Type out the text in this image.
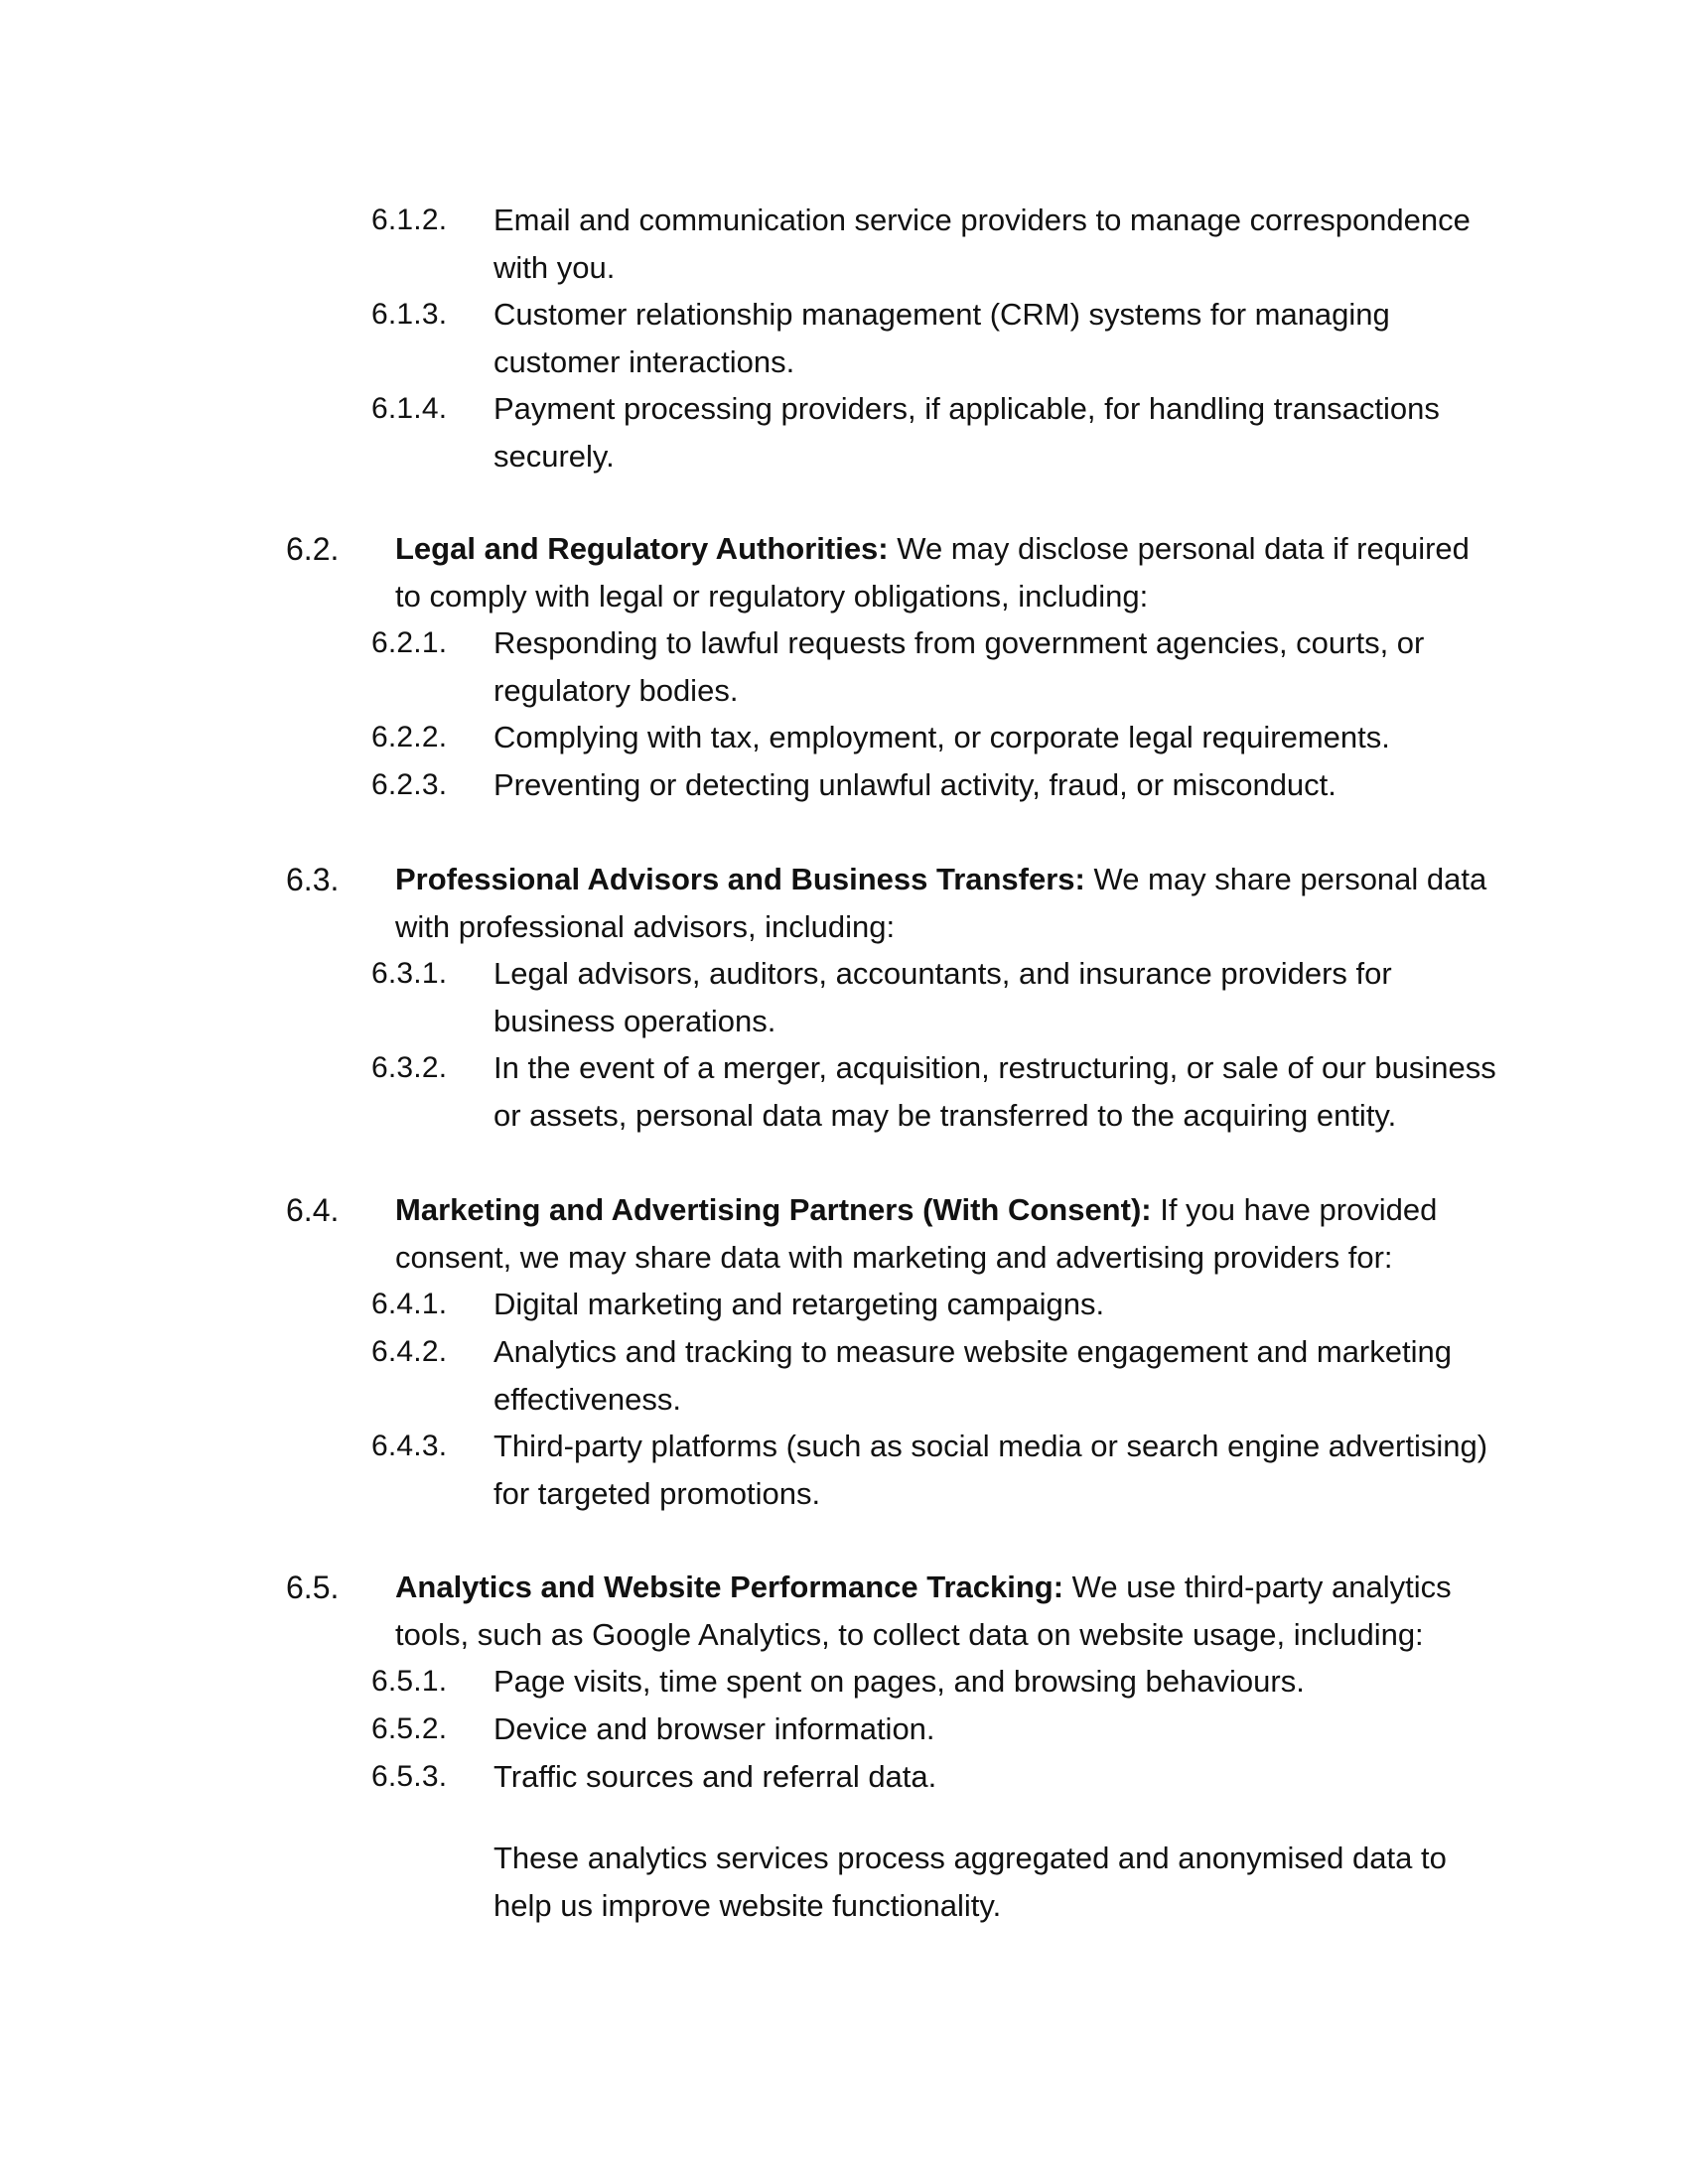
6.1.2. Email and communication service providers to manage correspondence with you.
6.1.3. Customer relationship management (CRM) systems for managing customer interactions.
6.1.4. Payment processing providers, if applicable, for handling transactions securely.
6.2. Legal and Regulatory Authorities: We may disclose personal data if required to comply with legal or regulatory obligations, including:
6.2.1. Responding to lawful requests from government agencies, courts, or regulatory bodies.
6.2.2. Complying with tax, employment, or corporate legal requirements.
6.2.3. Preventing or detecting unlawful activity, fraud, or misconduct.
6.3. Professional Advisors and Business Transfers: We may share personal data with professional advisors, including:
6.3.1. Legal advisors, auditors, accountants, and insurance providers for business operations.
6.3.2. In the event of a merger, acquisition, restructuring, or sale of our business or assets, personal data may be transferred to the acquiring entity.
6.4. Marketing and Advertising Partners (With Consent): If you have provided consent, we may share data with marketing and advertising providers for:
6.4.1. Digital marketing and retargeting campaigns.
6.4.2. Analytics and tracking to measure website engagement and marketing effectiveness.
6.4.3. Third-party platforms (such as social media or search engine advertising) for targeted promotions.
6.5. Analytics and Website Performance Tracking: We use third-party analytics tools, such as Google Analytics, to collect data on website usage, including:
6.5.1. Page visits, time spent on pages, and browsing behaviours.
6.5.2. Device and browser information.
6.5.3. Traffic sources and referral data.
These analytics services process aggregated and anonymised data to help us improve website functionality.
